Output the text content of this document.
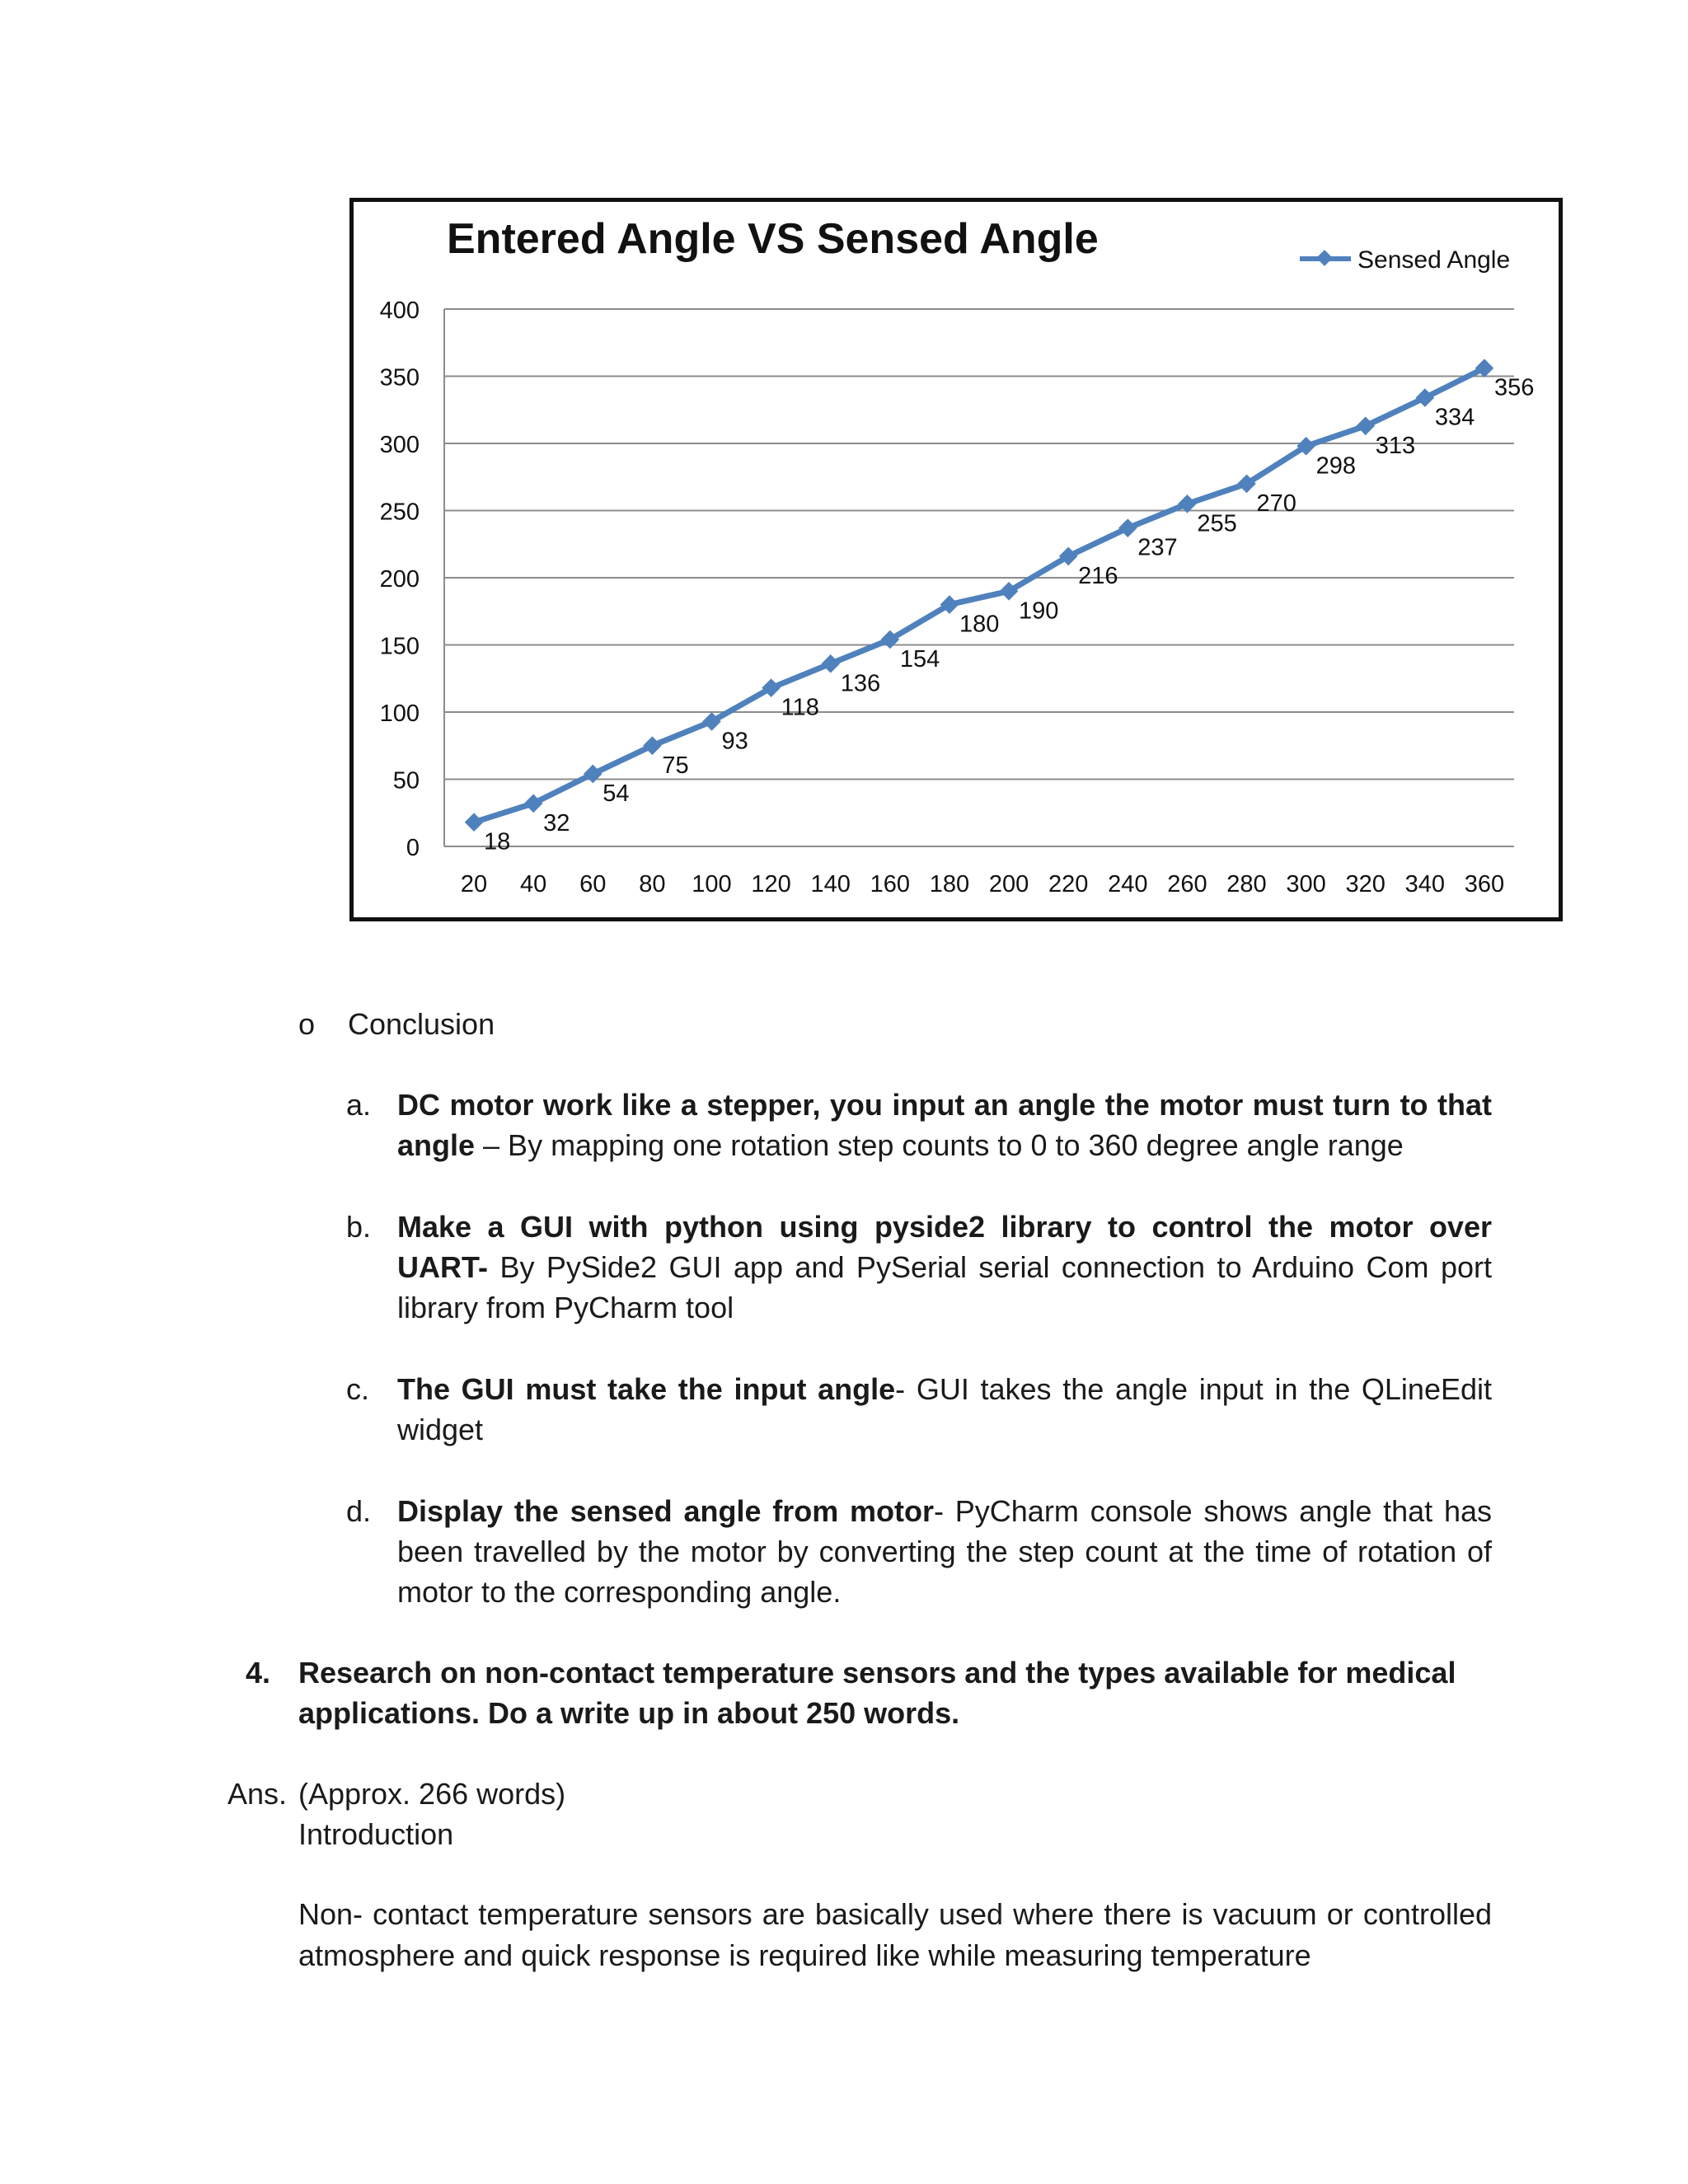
Entered Angle VS Sensed Angle	Sensed Angle
0
50
100
150
200
250
300
350
400
20 40 60 80 100 120 140 160 180 200 220 240 260 280 300 320 340 360
18
32
54
75
93
118
136
154
180
190
216
237
255
270
298
313
334
356
o Conclusion
a. DC motor work like a stepper, you input an angle the motor must turn to that angle – By mapping one rotation step counts to 0 to 360 degree angle range
b. Make a GUI with python using pyside2 library to control the motor over UART- By PySide2 GUI app and PySerial serial connection to Arduino Com port library from PyCharm tool
c. The GUI must take the input angle- GUI takes the angle input in the QLineEdit widget
d. Display the sensed angle from motor- PyCharm console shows angle that has been travelled by the motor by converting the step count at the time of rotation of motor to the corresponding angle.
4. Research on non-contact temperature sensors and the types available for medical applications. Do a write up in about 250 words.
Ans. (Approx. 266 words)
Introduction
Non- contact temperature sensors are basically used where there is vacuum or controlled atmosphere and quick response is required like while measuring temperature
